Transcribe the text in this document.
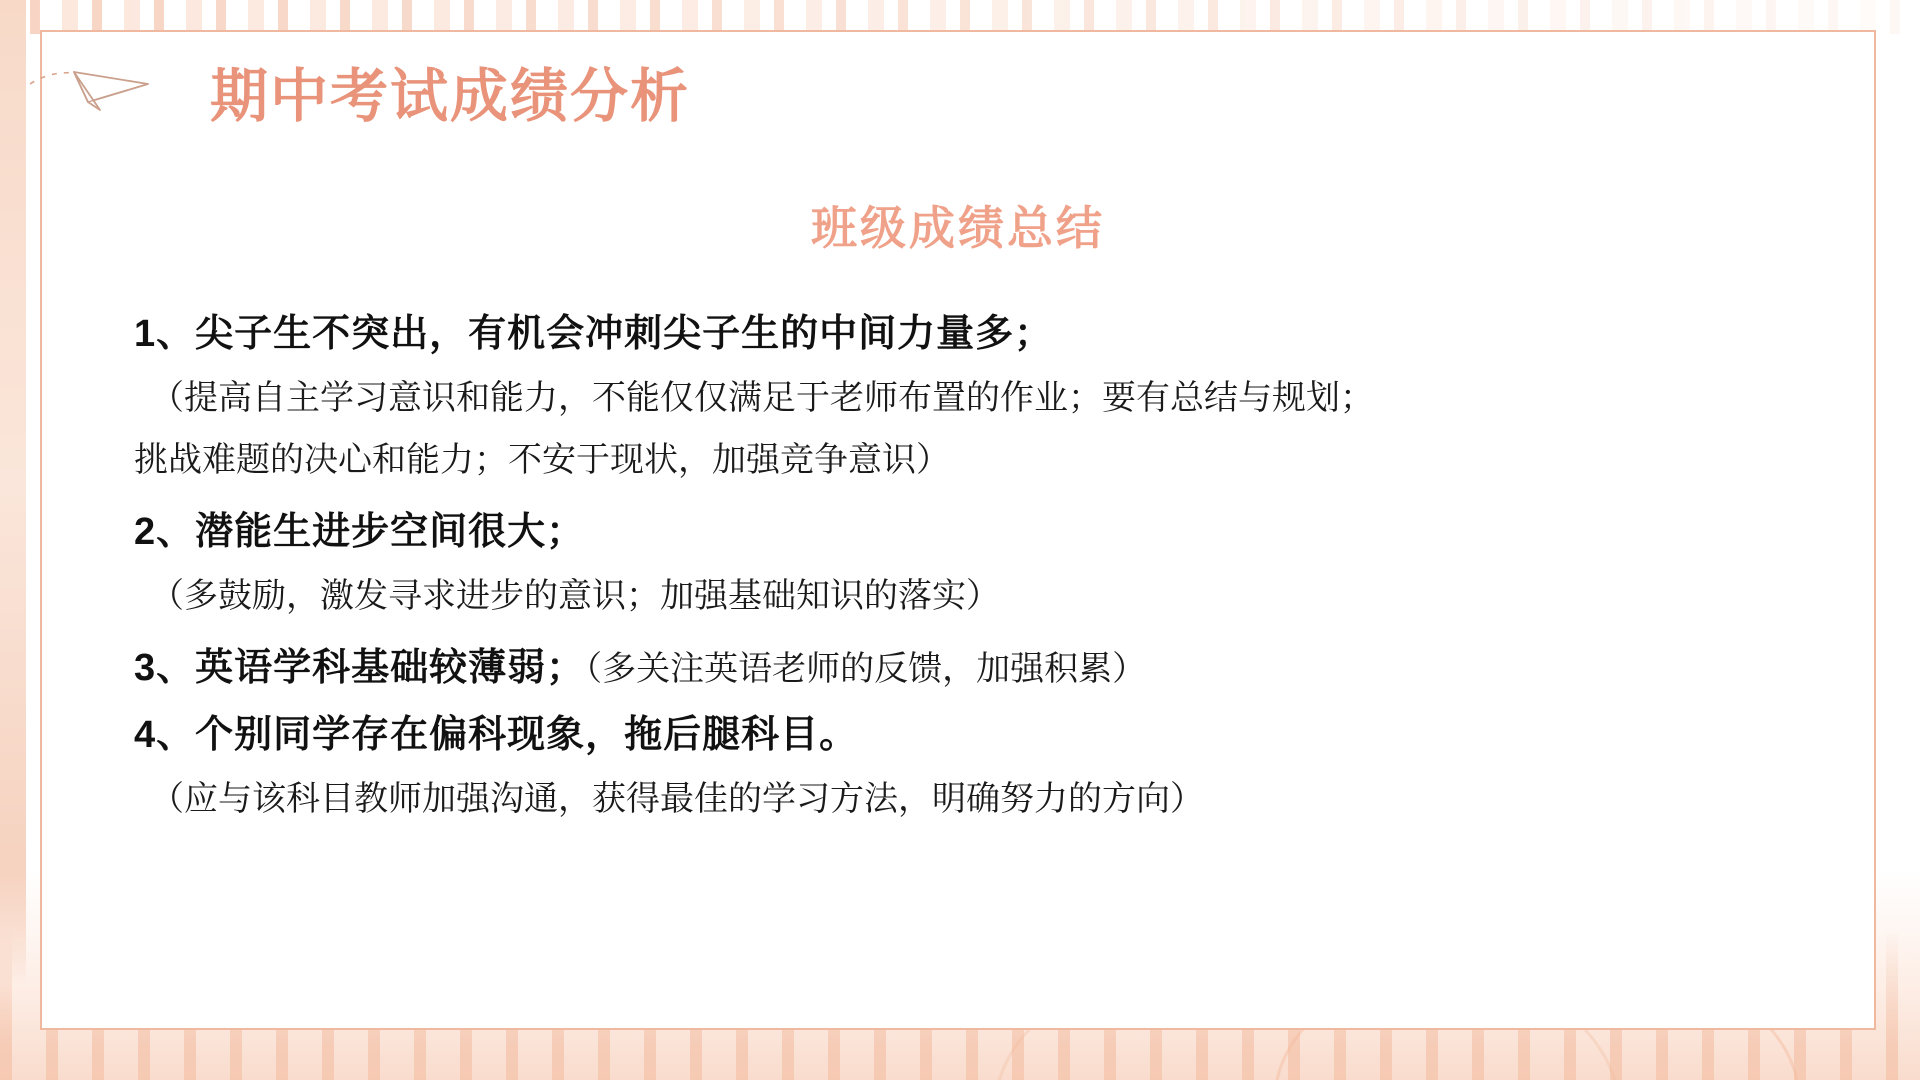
期中考试成绩分析
班级成绩总结

1、尖子生不突出，有机会冲刺尖子生的中间力量多；

（提高自主学习意识和能力，不能仅仅满足于老师布置的作业；要有总结与规划；

挑战难题的决心和能力；不安于现状，加强竞争意识）

2、潜能生进步空间很大；

（多鼓励，激发寻求进步的意识；加强基础知识的落实）

3、英语学科基础较薄弱；（多关注英语老师的反馈，加强积累）

4、个别同学存在偏科现象，拖后腿科目。

（应与该科目教师加强沟通，获得最佳的学习方法，明确努力的方向）
